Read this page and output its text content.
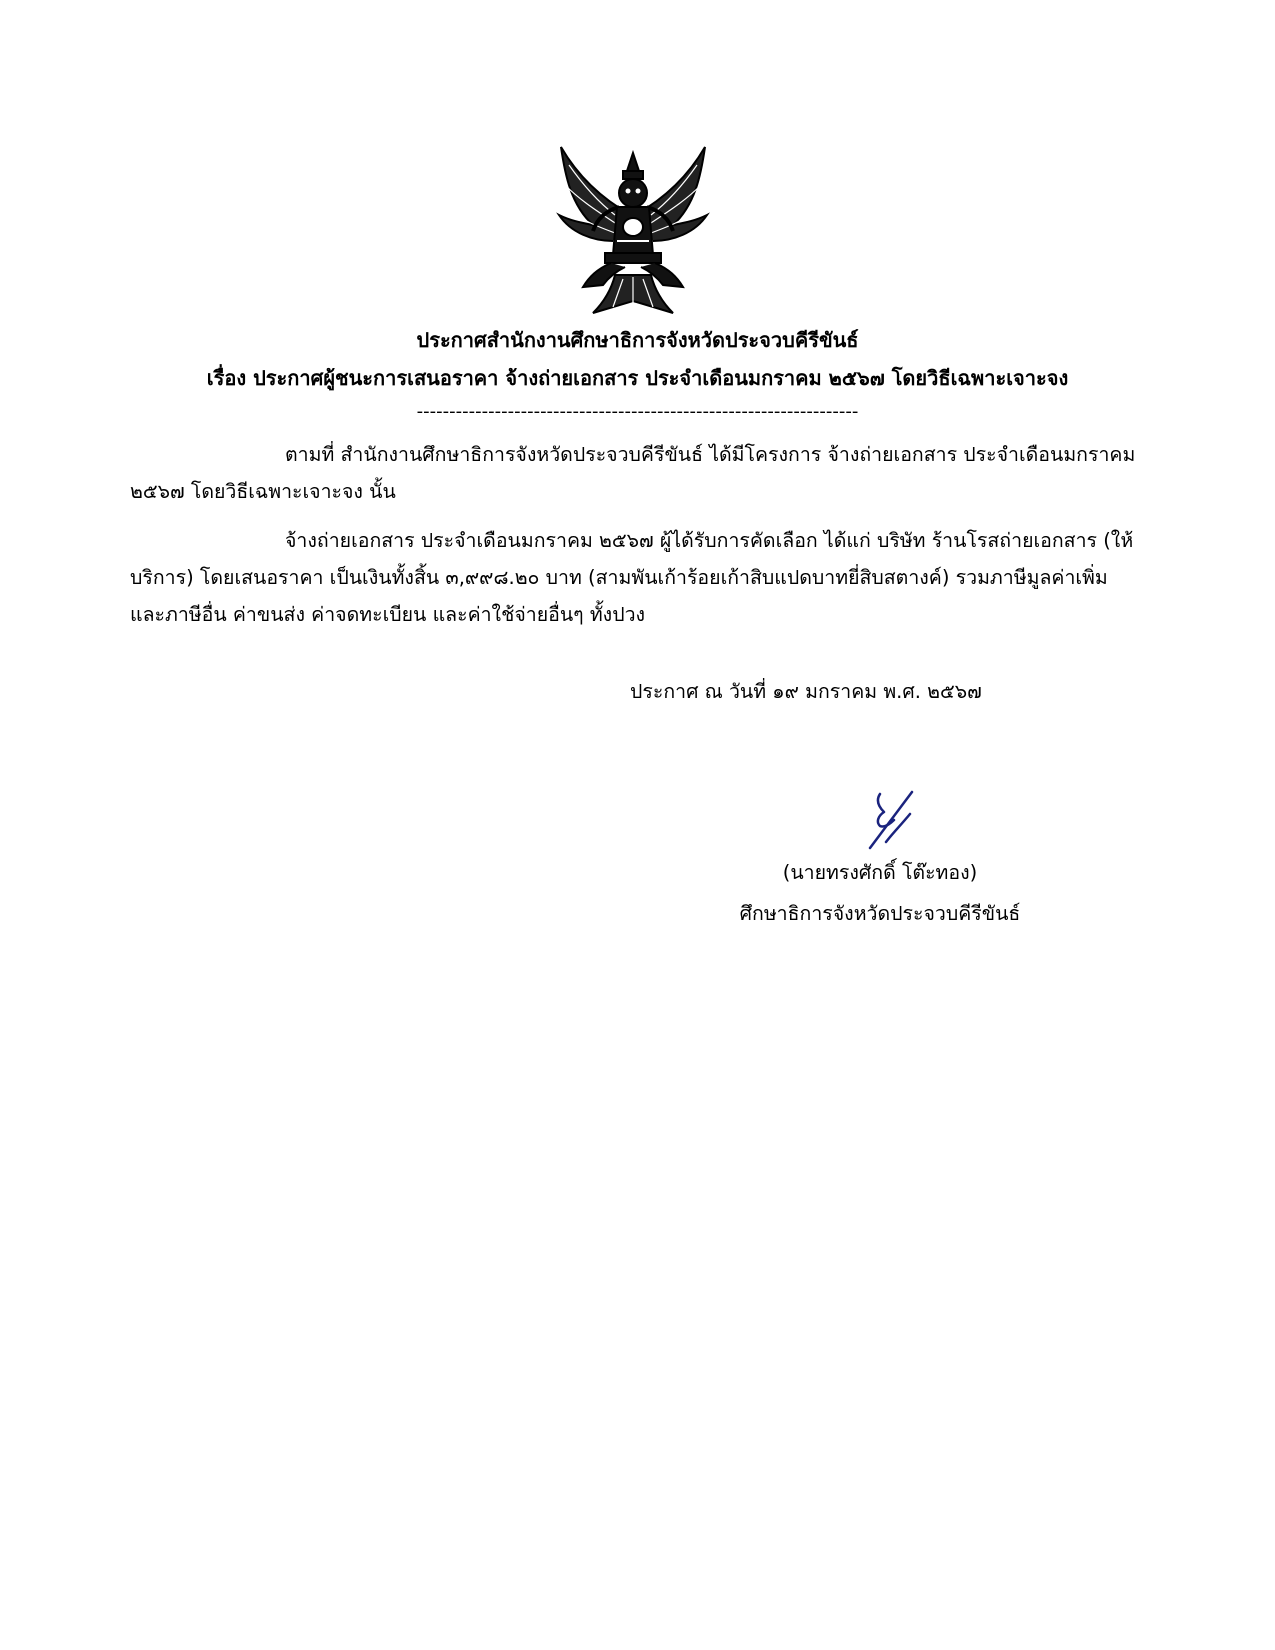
ประกาศสำนักงานศึกษาธิการจังหวัดประจวบคีรีขันธ์
เรื่อง ประกาศผู้ชนะการเสนอราคา จ้างถ่ายเอกสาร ประจำเดือนมกราคม ๒๕๖๗ โดยวิธีเฉพาะเจาะจง
--------------------------------------------------------------------
ตามที่ สำนักงานศึกษาธิการจังหวัดประจวบคีรีขันธ์ ได้มีโครงการ จ้างถ่ายเอกสาร ประจำเดือนมกราคม ๒๕๖๗ โดยวิธีเฉพาะเจาะจง นั้น
จ้างถ่ายเอกสาร ประจำเดือนมกราคม ๒๕๖๗ ผู้ได้รับการคัดเลือก ได้แก่ บริษัท ร้านโรสถ่ายเอกสาร (ให้บริการ) โดยเสนอราคา เป็นเงินทั้งสิ้น ๓,๙๙๘.๒๐ บาท (สามพันเก้าร้อยเก้าสิบแปดบาทยี่สิบสตางค์) รวมภาษีมูลค่าเพิ่มและภาษีอื่น ค่าขนส่ง ค่าจดทะเบียน และค่าใช้จ่ายอื่นๆ ทั้งปวง
ประกาศ ณ วันที่ ๑๙ มกราคม พ.ศ. ๒๕๖๗
(นายทรงศักดิ์ โต๊ะทอง)
ศึกษาธิการจังหวัดประจวบคีรีขันธ์
